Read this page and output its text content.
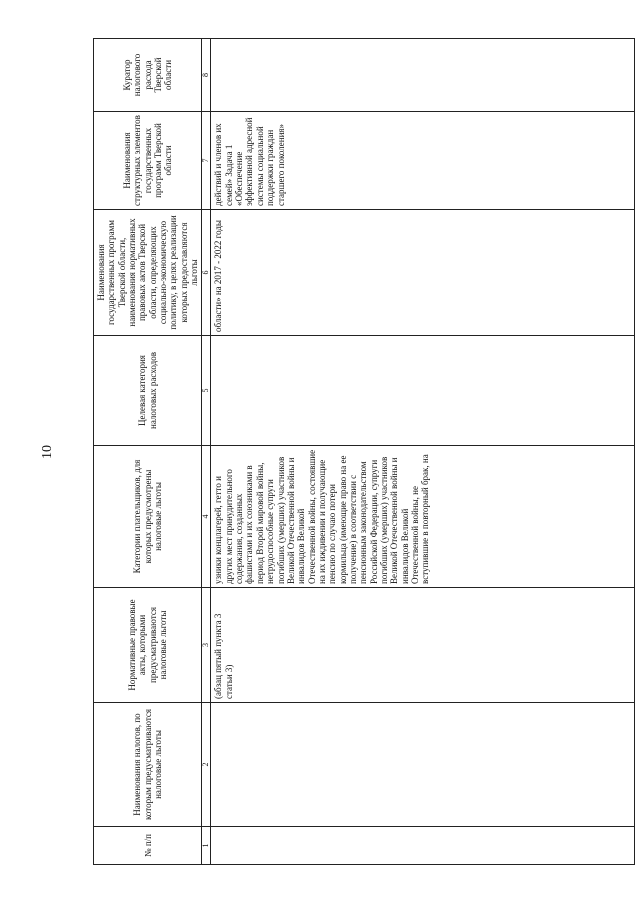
10
№ п/п	Наименования налогов, по которым предусматриваются налоговые льготы	Нормативные правовые акты, которыми предусматриваются налоговые льготы	Категории плательщиков, для которых предусмотрены налоговые льготы	Целевая категория налоговых расходов	Наименования государственных программ Тверской области, наименования нормативных правовых актов Тверской области, определяющих социально-экономическую политику, в целях реализации которых предоставляются льготы	Наименования структурных элементов государственных программ Тверской области	Куратор налогового расхода Тверской области
1	2	3	4	5	6	7	8
		(абзац пятый пункта 3 статьи 3)	узники концлагерей, гетто и других мест принудительного содержания, созданных фашистами и их союзниками в период Второй мировой войны, нетрудоспособные супруги погибших (умерших) участников Великой Отечественной войны и инвалидов Великой Отечественной войны, состоявшие на их иждивении и получающие пенсию по случаю потери кормильца (имеющие право на ее получение) в соответствии с пенсионным законодательством Российской Федерации, супруги погибших (умерших) участников Великой Отечественной войны и инвалидов Великой Отечественной войны, не вступившие в повторный брак, на		области» на 2017 - 2022 годы	действий и членов их семей» Задача 1 «Обеспечение эффективной адресной системы социальной поддержки граждан старшего поколения»	
